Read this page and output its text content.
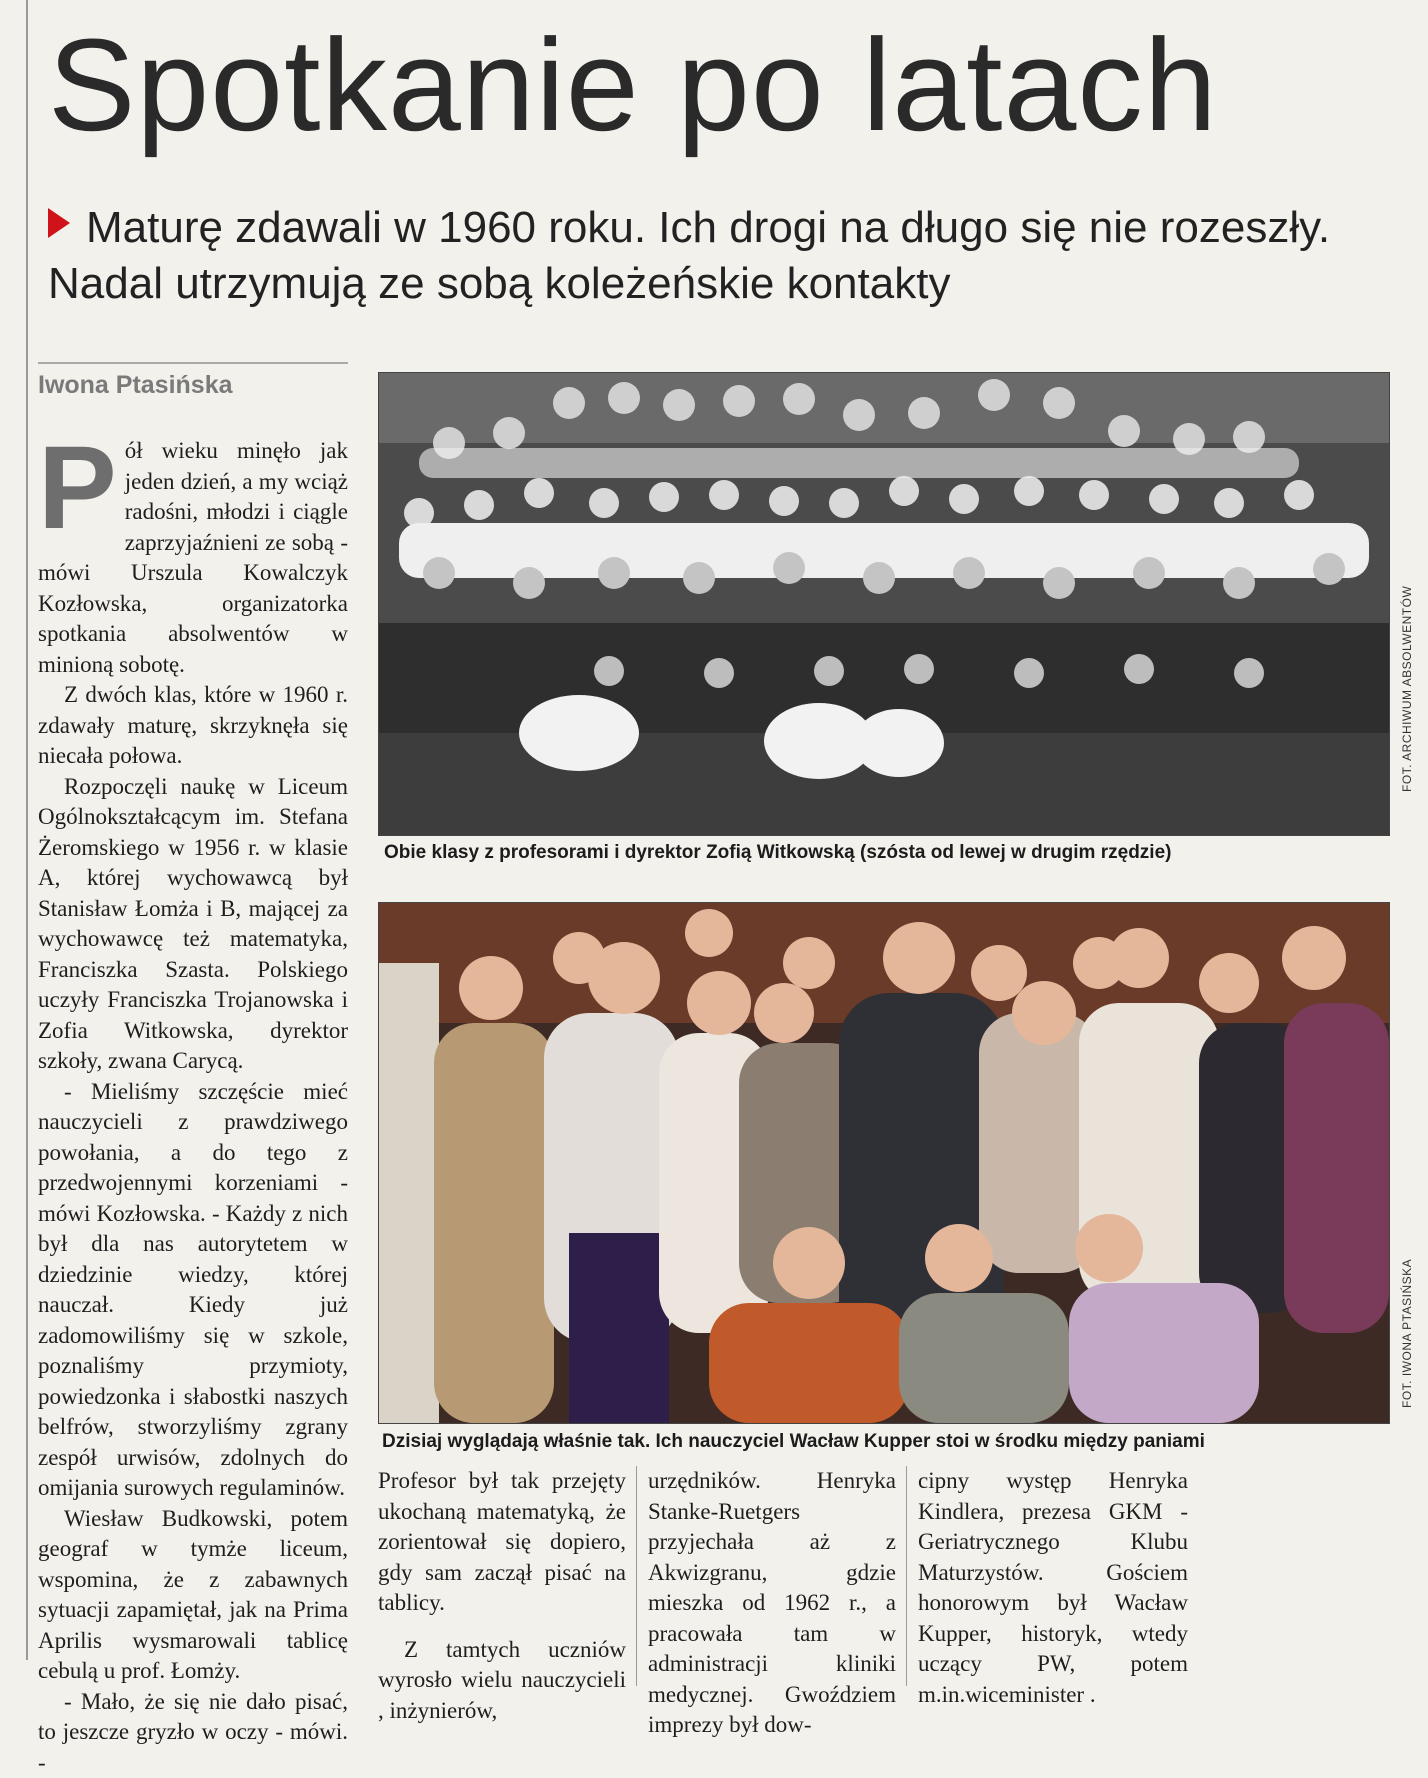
Spotkanie po latach
Maturę zdawali w 1960 roku. Ich drogi na długo się nie rozeszły. Nadal utrzymują ze sobą koleżeńskie kontakty
Iwona Ptasińska

Pół wieku minęło jak jeden dzień, a my wciąż radośni, młodzi i ciągle zaprzyjaźnieni ze sobą - mówi Urszula Kowalczyk Kozłowska, organizatorka spotkania absolwentów w minioną sobotę.

Z dwóch klas, które w 1960 r. zdawały maturę, skrzyknęła się niecała połowa.

Rozpoczęli naukę w Liceum Ogólnokształcącym im. Stefana Żeromskiego w 1956 r. w klasie A, której wychowawcą był Stanisław Łomża i B, mającej za wychowawcę też matematyka, Franciszka Szasta. Polskiego uczyły Franciszka Trojanowska i Zofia Witkowska, dyrektor szkoły, zwana Carycą.

- Mieliśmy szczęście mieć nauczycieli z prawdziwego powołania, a do tego z przedwojennymi korzeniami - mówi Kozłowska. - Każdy z nich był dla nas autorytetem w dziedzinie wiedzy, której nauczał. Kiedy już zadomowiliśmy się w szkole, poznaliśmy przymioty, powiedzonka i słabostki naszych belfrów, stworzyliśmy zgrany zespół urwisów, zdolnych do omijania surowych regulaminów.

Wiesław Budkowski, potem geograf w tymże liceum, wspomina, że z zabawnych sytuacji zapamiętał, jak na Prima Aprilis wysmarowali tablicę cebulą u prof. Łomży.

- Mało, że się nie dało pisać, to jeszcze gryzło w oczy - mówi. -

FOT. ARCHIWUM ABSOLWENTÓW
Obie klasy z profesorami i dyrektor Zofią Witkowską (szósta od lewej w drugim rzędzie)
FOT. IWONA PTASIŃSKA
Dzisiaj wyglądają właśnie tak. Ich nauczyciel Wacław Kupper stoi w środku między paniami

Profesor był tak przejęty ukochaną matematyką, że zorientował się dopiero, gdy sam zaczął pisać na tablicy.

Z tamtych uczniów wyrosło wielu nauczycieli , inżynierów,

urzędników. Henryka Stanke-Ruetgers przyjechała aż z Akwizgranu, gdzie mieszka od 1962 r., a pracowała tam w administracji kliniki medycznej. Gwoździem imprezy był dow-

cipny występ Henryka Kindlera, prezesa GKM - Geriatrycznego Klubu Maturzystów. Gościem honorowym był Wacław Kupper, historyk, wtedy uczący PW, potem m.in.wiceminister .
